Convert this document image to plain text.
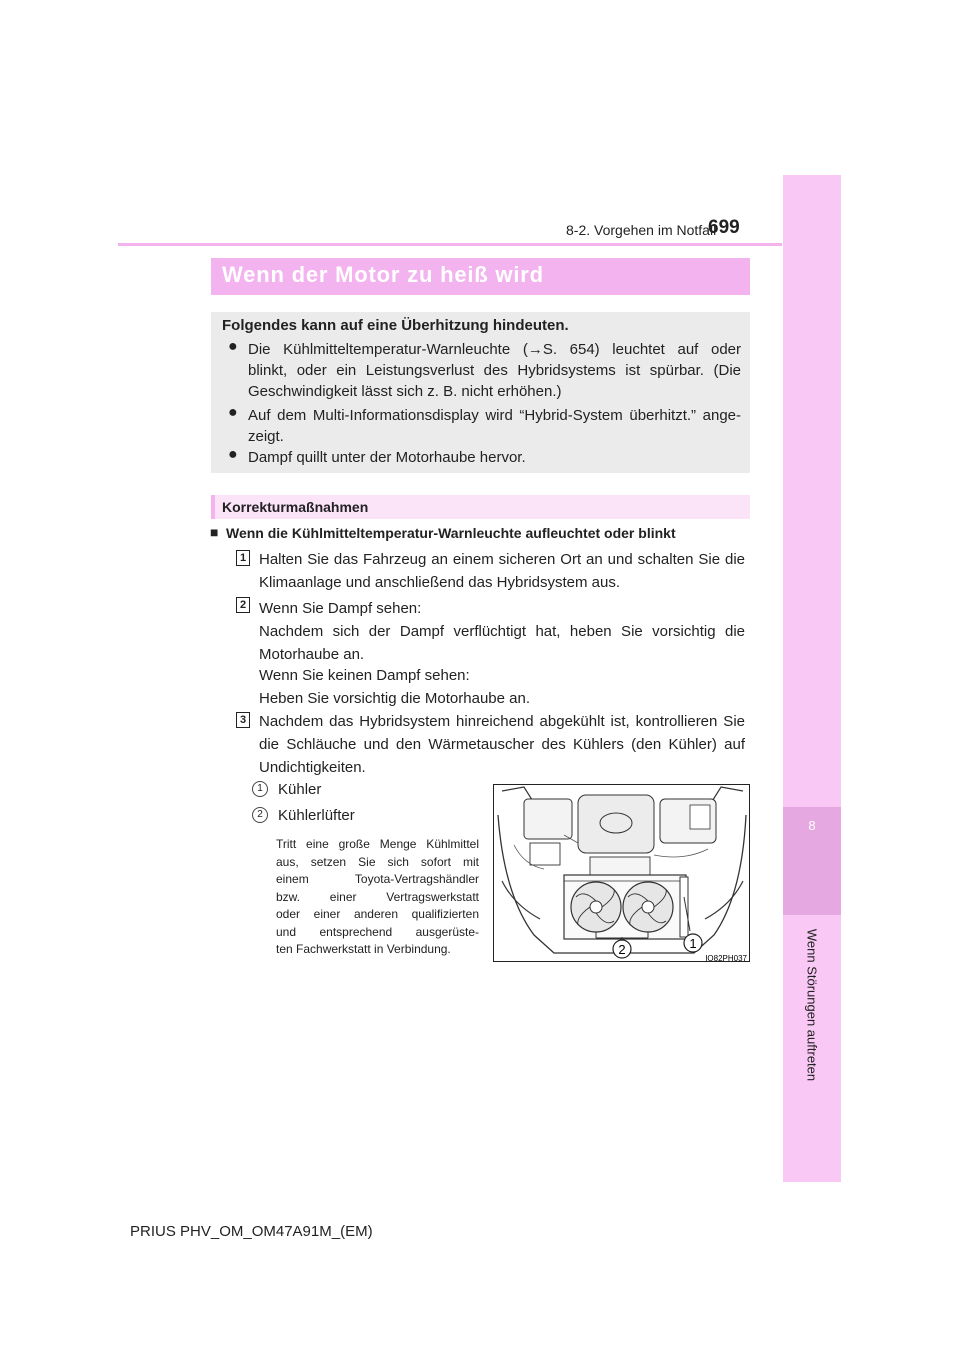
8
Wenn Störungen auftreten
8-2. Vorgehen im Notfall
699
Wenn der Motor zu heiß wird
Folgendes kann auf eine Überhitzung hindeuten.
● Die Kühlmitteltemperatur-Warnleuchte (→S. 654) leuchtet auf oder
blinkt, oder ein Leistungsverlust des Hybridsystems ist spürbar. (Die
Geschwindigkeit lässt sich z. B. nicht erhöhen.)
● Auf dem Multi-Informationsdisplay wird “Hybrid-System überhitzt.” ange-
zeigt.
● Dampf quillt unter der Motorhaube hervor.
Korrekturmaßnahmen
■ Wenn die Kühlmitteltemperatur-Warnleuchte aufleuchtet oder blinkt
1 Halten Sie das Fahrzeug an einem sicheren Ort an und schalten Sie die
Klimaanlage und anschließend das Hybridsystem aus.
2 Wenn Sie Dampf sehen:
Nachdem sich der Dampf verflüchtigt hat, heben Sie vorsichtig die
Motorhaube an.
Wenn Sie keinen Dampf sehen:
Heben Sie vorsichtig die Motorhaube an.
3 Nachdem das Hybridsystem hinreichend abgekühlt ist, kontrollieren Sie
die Schläuche und den Wärmetauscher des Kühlers (den Kühler) auf
Undichtigkeiten.
1	Kühler
2	Kühlerlüfter
Tritt eine große Menge Kühlmittel
aus, setzen Sie sich sofort mit
einem Toyota-Vertragshändler
bzw. einer Vertragswerkstatt
oder einer anderen qualifizierten
und entsprechend ausgerüste-
ten Fachwerkstatt in Verbindung.	2	1
IO82PH037
PRIUS PHV_OM_OM47A91M_(EM)
